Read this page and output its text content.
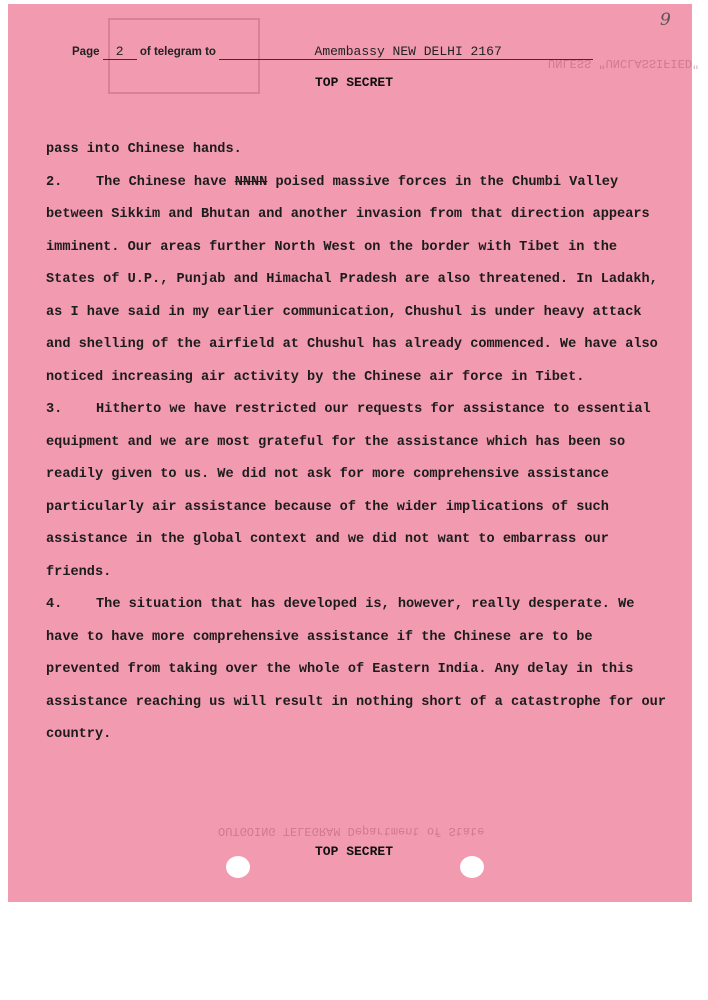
UNLESS "UNCLASSIFIED"
OUTGOING TELEGRAM Department of State
9
Page 2 of telegram to	Amembassy NEW DELHI 2167
TOP SECRET

pass into Chinese hands.

2. The Chinese have NNNN poised massive forces in the Chumbi Valley between Sikkim and Bhutan and another invasion from that direction appears imminent. Our areas further North West on the border with Tibet in the States of U.P., Punjab and Himachal Pradesh are also threatened. In Ladakh, as I have said in my earlier communication, Chushul is under heavy attack and shelling of the airfield at Chushul has already commenced. We have also noticed increasing air activity by the Chinese air force in Tibet.

3. Hitherto we have restricted our requests for assistance to essential equipment and we are most grateful for the assistance which has been so readily given to us. We did not ask for more comprehensive assistance particularly air assistance because of the wider implications of such assistance in the global context and we did not want to embarrass our friends.

4. The situation that has developed is, however, really desperate. We have to have more comprehensive assistance if the Chinese are to be prevented from taking over the whole of Eastern India. Any delay in this assistance reaching us will result in nothing short of a catastrophe for our country.

TOP SECRET
